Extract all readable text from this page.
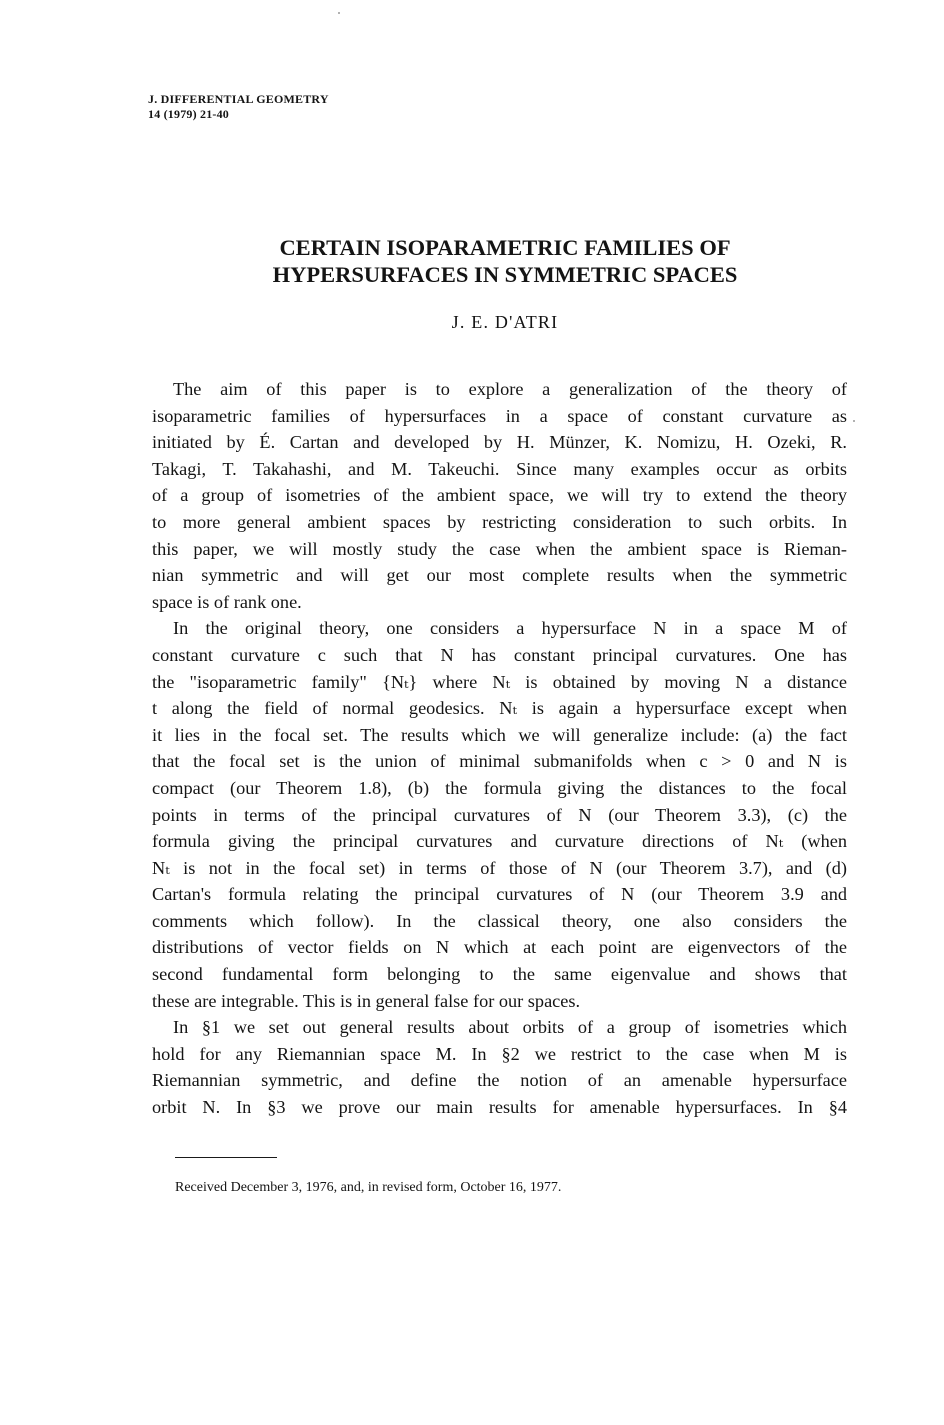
J. DIFFERENTIAL GEOMETRY
14 (1979) 21-40
CERTAIN ISOPARAMETRIC FAMILIES OF
HYPERSURFACES IN SYMMETRIC SPACES
J. E. D'ATRI

The aim of this paper is to explore a generalization of the theory of
isoparametric families of hypersurfaces in a space of constant curvature as
initiated by É. Cartan and developed by H. Münzer, K. Nomizu, H. Ozeki, R.
Takagi, T. Takahashi, and M. Takeuchi. Since many examples occur as orbits
of a group of isometries of the ambient space, we will try to extend the theory
to more general ambient spaces by restricting consideration to such orbits. In
this paper, we will mostly study the case when the ambient space is Rieman-
nian symmetric and will get our most complete results when the symmetric
space is of rank one.

In the original theory, one considers a hypersurface N in a space M of
constant curvature c such that N has constant principal curvatures. One has
the "isoparametric family" {Nₜ} where Nₜ is obtained by moving N a distance
t along the field of normal geodesics. Nₜ is again a hypersurface except when
it lies in the focal set. The results which we will generalize include: (a) the fact
that the focal set is the union of minimal submanifolds when c > 0 and N is
compact (our Theorem 1.8), (b) the formula giving the distances to the focal
points in terms of the principal curvatures of N (our Theorem 3.3), (c) the
formula giving the principal curvatures and curvature directions of Nₜ (when
Nₜ is not in the focal set) in terms of those of N (our Theorem 3.7), and (d)
Cartan's formula relating the principal curvatures of N (our Theorem 3.9 and
comments which follow). In the classical theory, one also considers the
distributions of vector fields on N which at each point are eigenvectors of the
second fundamental form belonging to the same eigenvalue and shows that
these are integrable. This is in general false for our spaces.

In §1 we set out general results about orbits of a group of isometries which
hold for any Riemannian space M. In §2 we restrict to the case when M is
Riemannian symmetric, and define the notion of an amenable hypersurface
orbit N. In §3 we prove our main results for amenable hypersurfaces. In §4

Received December 3, 1976, and, in revised form, October 16, 1977.
